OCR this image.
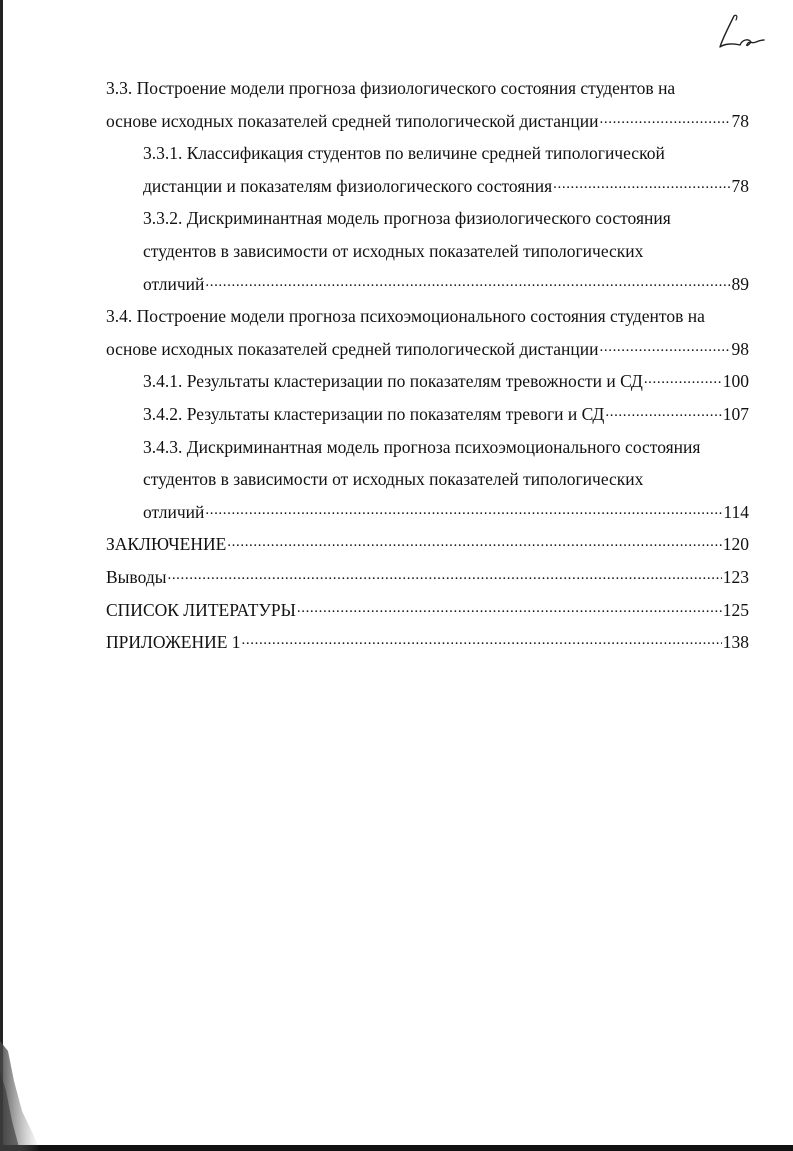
3.3. Построение модели прогноза физиологического состояния студентов на
основе исходных показателей средней типологической дистанции .....	78
3.3.1. Классификация студентов по величине средней типологической
дистанции и показателям физиологического состояния .....	78
3.3.2. Дискриминантная модель прогноза физиологического состояния
студентов в зависимости от исходных показателей типологических
отличий .....	89
3.4. Построение модели прогноза психоэмоционального состояния студентов на
основе исходных показателей средней типологической дистанции .....	98
3.4.1. Результаты кластеризации по показателям тревожности и СД .....	100
3.4.2. Результаты кластеризации по показателям тревоги и СД .....	107
3.4.3. Дискриминантная модель прогноза психоэмоционального состояния
студентов в зависимости от исходных показателей типологических
отличий .....	114
ЗАКЛЮЧЕНИЕ .....	120
Выводы .....	123
СПИСОК ЛИТЕРАТУРЫ .....	125
ПРИЛОЖЕНИЕ 1 .....	138
